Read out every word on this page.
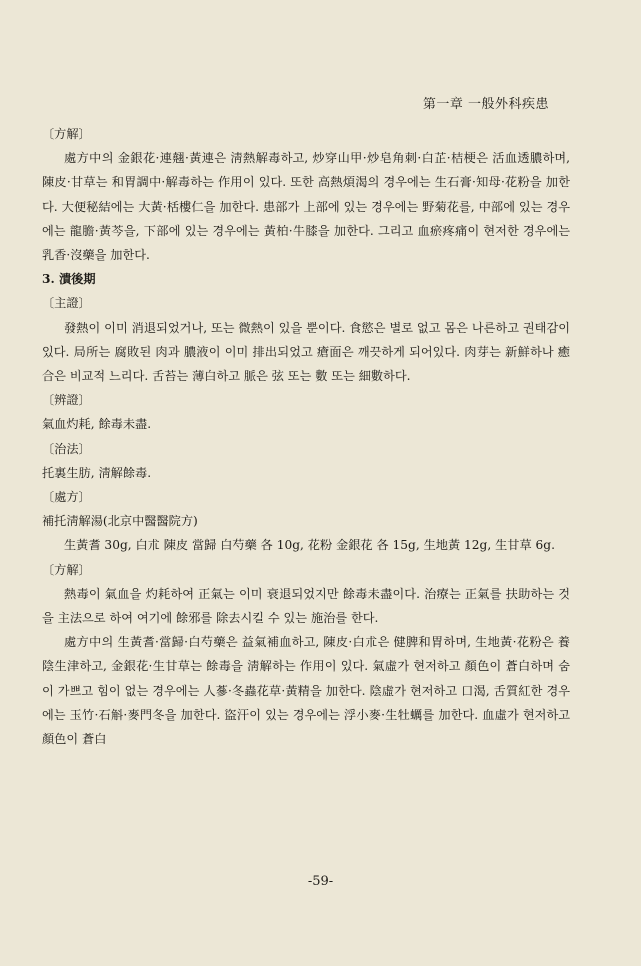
第一章 一般外科疾患

〔方解〕

處方中의 金銀花·連翹·黃連은 淸熱解毒하고, 炒穿山甲·炒皂角刺·白芷·桔梗은 活血透膿하며, 陳皮·甘草는 和胃調中·解毒하는 作用이 있다. 또한 高熱煩渴의 경우에는 生石膏·知母·花粉을 加한다. 大便秘結에는 大黃·栝樓仁을 加한다. 患部가 上部에 있는 경우에는 野菊花를, 中部에 있는 경우에는 龍膽·黃芩을, 下部에 있는 경우에는 黃柏·牛膝을 加한다. 그리고 血瘀疼痛이 현저한 경우에는 乳香·沒藥을 加한다.

3. 潰後期

〔主證〕

發熱이 이미 消退되었거나, 또는 微熱이 있을 뿐이다. 食慾은 별로 없고 몸은 나른하고 권태감이 있다. 局所는 腐敗된 肉과 膿液이 이미 排出되었고 瘡面은 깨끗하게 되어있다. 肉芽는 新鮮하나 癒合은 비교적 느리다. 舌苔는 薄白하고 脈은 弦 또는 數 또는 細數하다.

〔辨證〕

氣血灼耗, 餘毒未盡.

〔治法〕

托裏生肪, 淸解餘毒.

〔處方〕

補托淸解湯(北京中醫醫院方)

生黃耆 30g, 白朮 陳皮 當歸 白芍藥 各 10g, 花粉 金銀花 各 15g, 生地黃 12g, 生甘草 6g.

〔方解〕

熱毒이 氣血을 灼耗하여 正氣는 이미 衰退되었지만 餘毒未盡이다. 治療는 正氣를 扶助하는 것을 主法으로 하여 여기에 餘邪를 除去시킬 수 있는 施治를 한다.

處方中의 生黃耆·當歸·白芍藥은 益氣補血하고, 陳皮·白朮은 健脾和胃하며, 生地黃·花粉은 養陰生津하고, 金銀花·生甘草는 餘毒을 淸解하는 作用이 있다. 氣虛가 현저하고 顏色이 蒼白하며 숨이 가쁘고 힘이 없는 경우에는 人蔘·冬蟲花草·黃精을 加한다. 陰虛가 현저하고 口渴, 舌質紅한 경우에는 玉竹·石斛·麥門冬을 加한다. 盜汗이 있는 경우에는 浮小麥·生牡蠣를 加한다. 血虛가 현저하고 顏色이 蒼白

-59-
